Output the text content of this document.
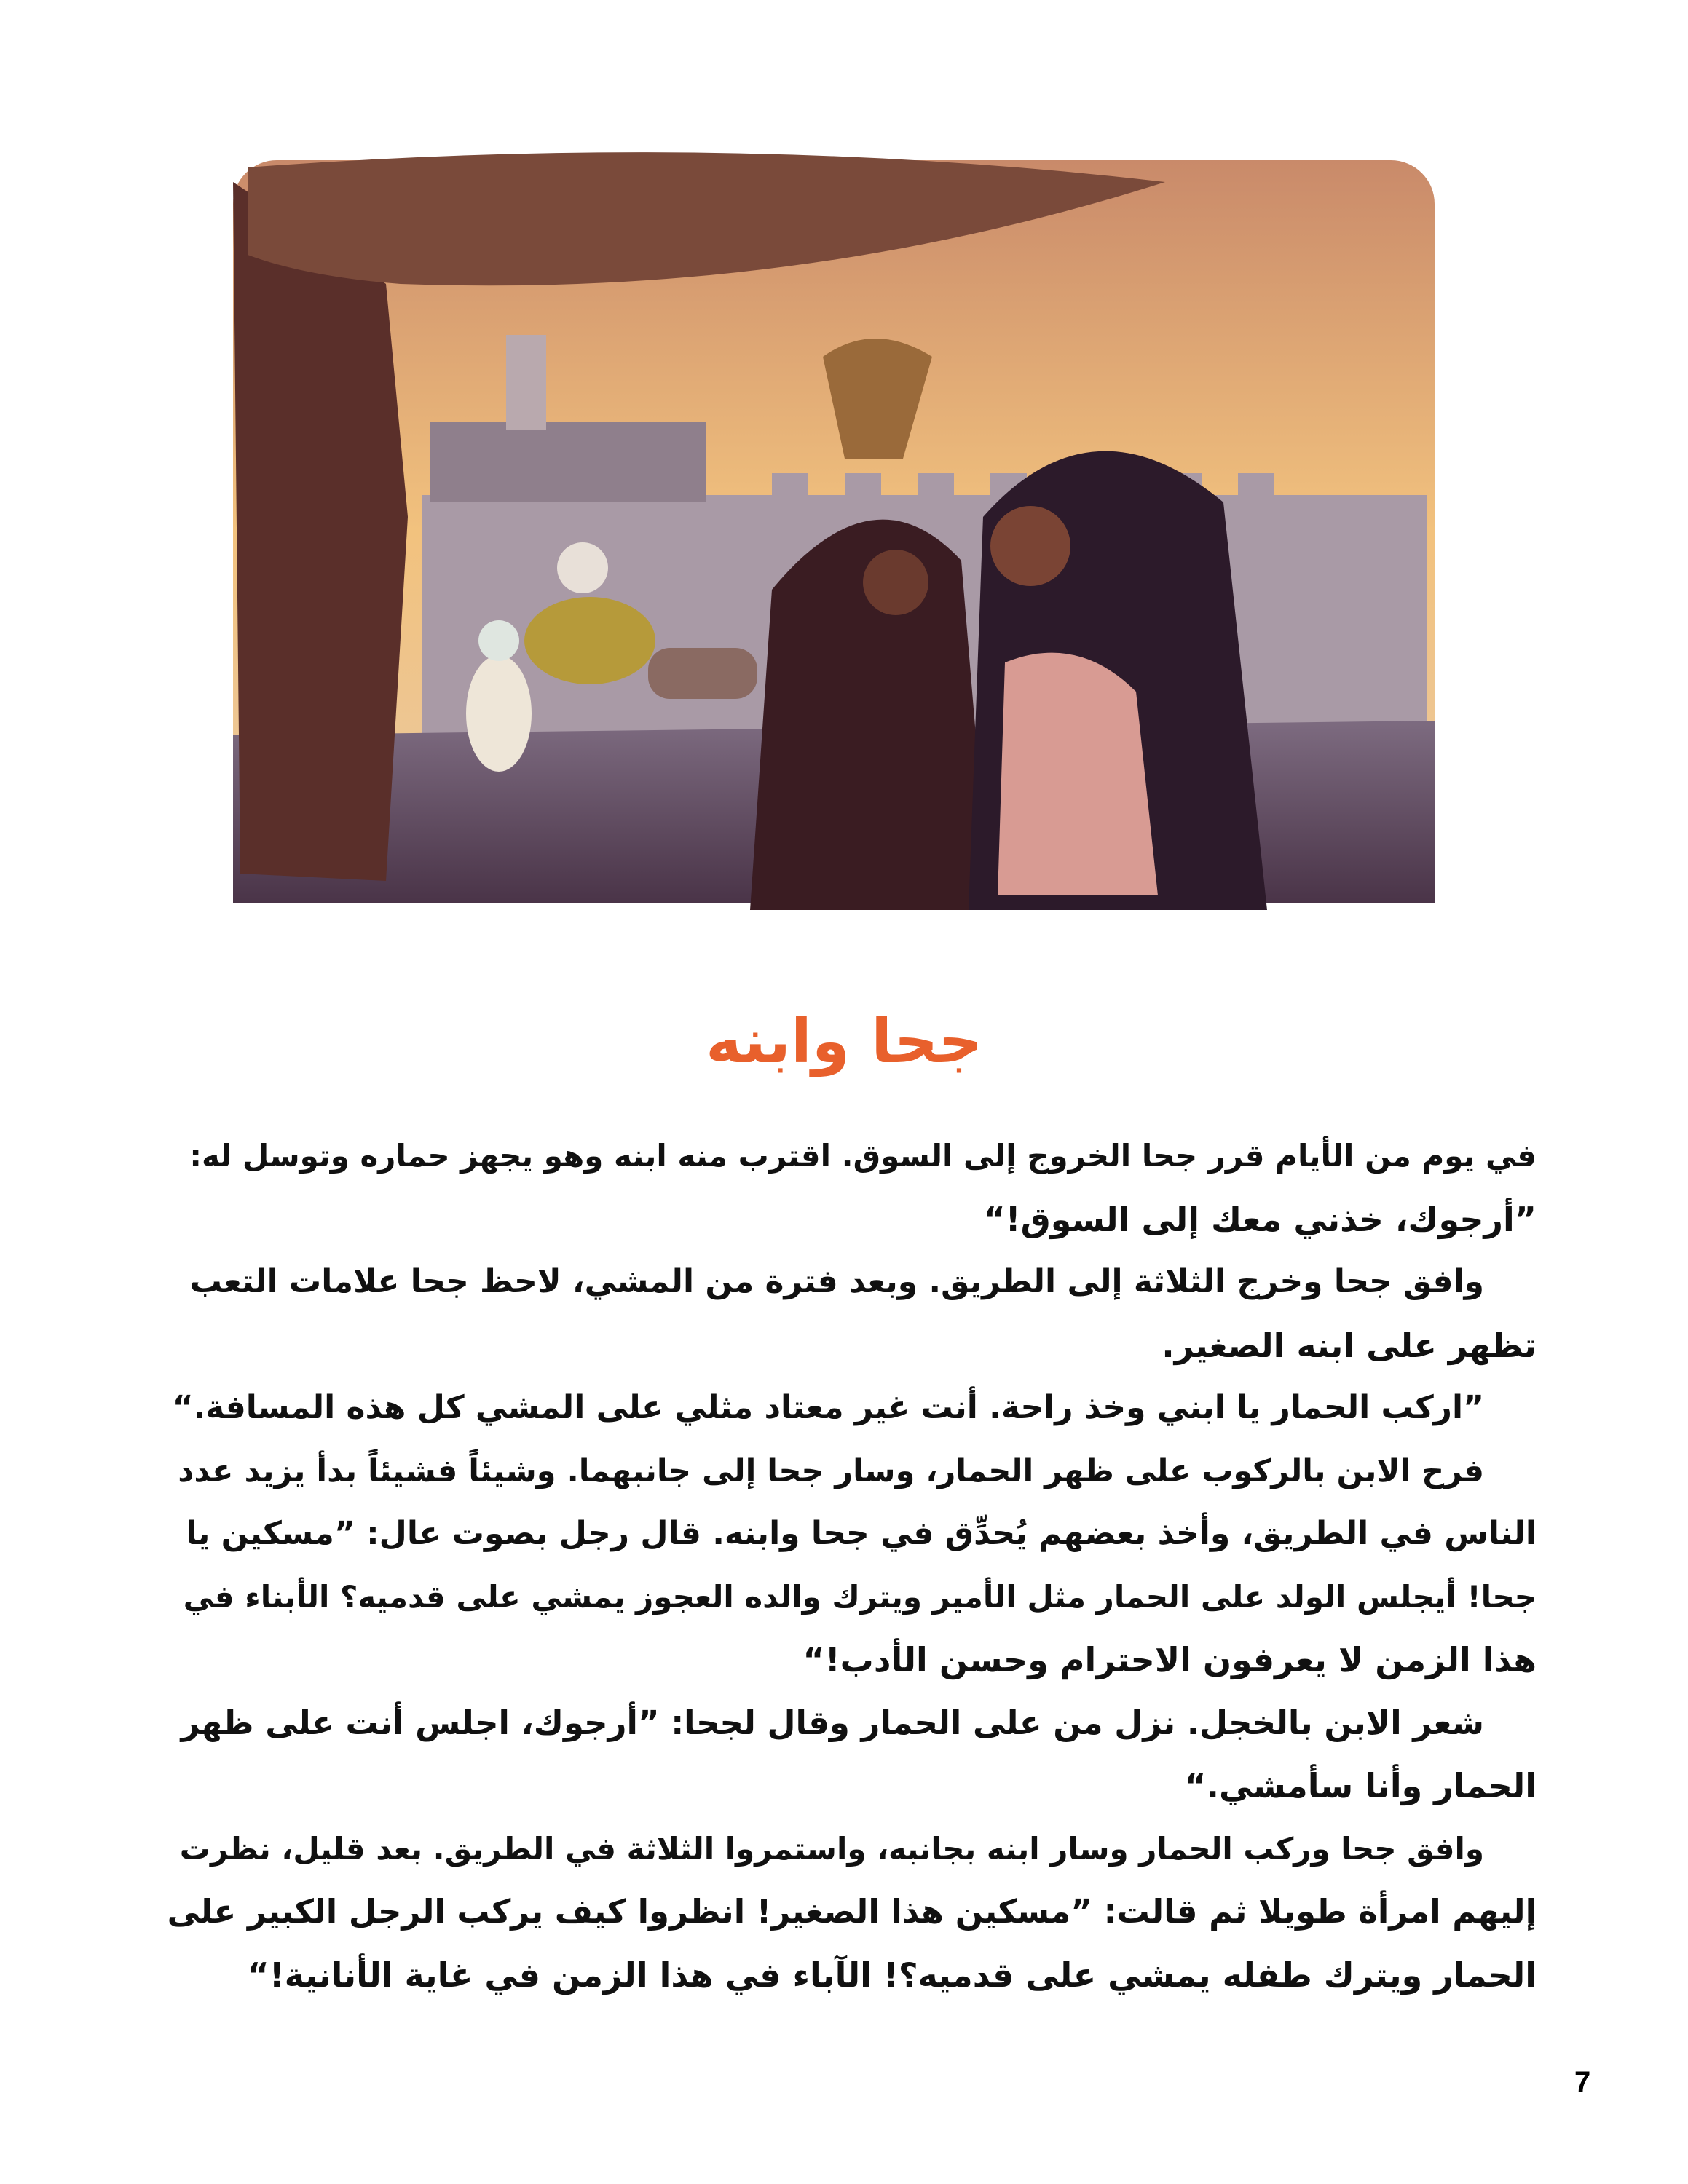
جحا وابنه
في يوم من الأيام قرر جحا الخروج إلى السوق. اقترب منه ابنه وهو يجهز حماره وتوسل له:
”أرجوك، خذني معك إلى السوق!“
وافق جحا وخرج الثلاثة إلى الطريق. وبعد فترة من المشي، لاحظ جحا علامات التعب
تظهر على ابنه الصغير.
”اركب الحمار يا ابني وخذ راحة. أنت غير معتاد مثلي على المشي كل هذه المسافة.“
فرح الابن بالركوب على ظهر الحمار، وسار جحا إلى جانبهما. وشيئاً فشيئاً بدأ يزيد عدد
الناس في الطريق، وأخذ بعضهم يُحدِّق في جحا وابنه. قال رجل بصوت عال: ”مسكين يا
جحا! أيجلس الولد على الحمار مثل الأمير ويترك والده العجوز يمشي على قدميه؟ الأبناء في
هذا الزمن لا يعرفون الاحترام وحسن الأدب!“
شعر الابن بالخجل. نزل من على الحمار وقال لجحا: ”أرجوك، اجلس أنت على ظهر
الحمار وأنا سأمشي.“
وافق جحا وركب الحمار وسار ابنه بجانبه، واستمروا الثلاثة في الطريق. بعد قليل، نظرت
إليهم امرأة طويلا ثم قالت: ”مسكين هذا الصغير! انظروا كيف يركب الرجل الكبير على
الحمار ويترك طفله يمشي على قدميه؟! الآباء في هذا الزمن في غاية الأنانية!“
7
